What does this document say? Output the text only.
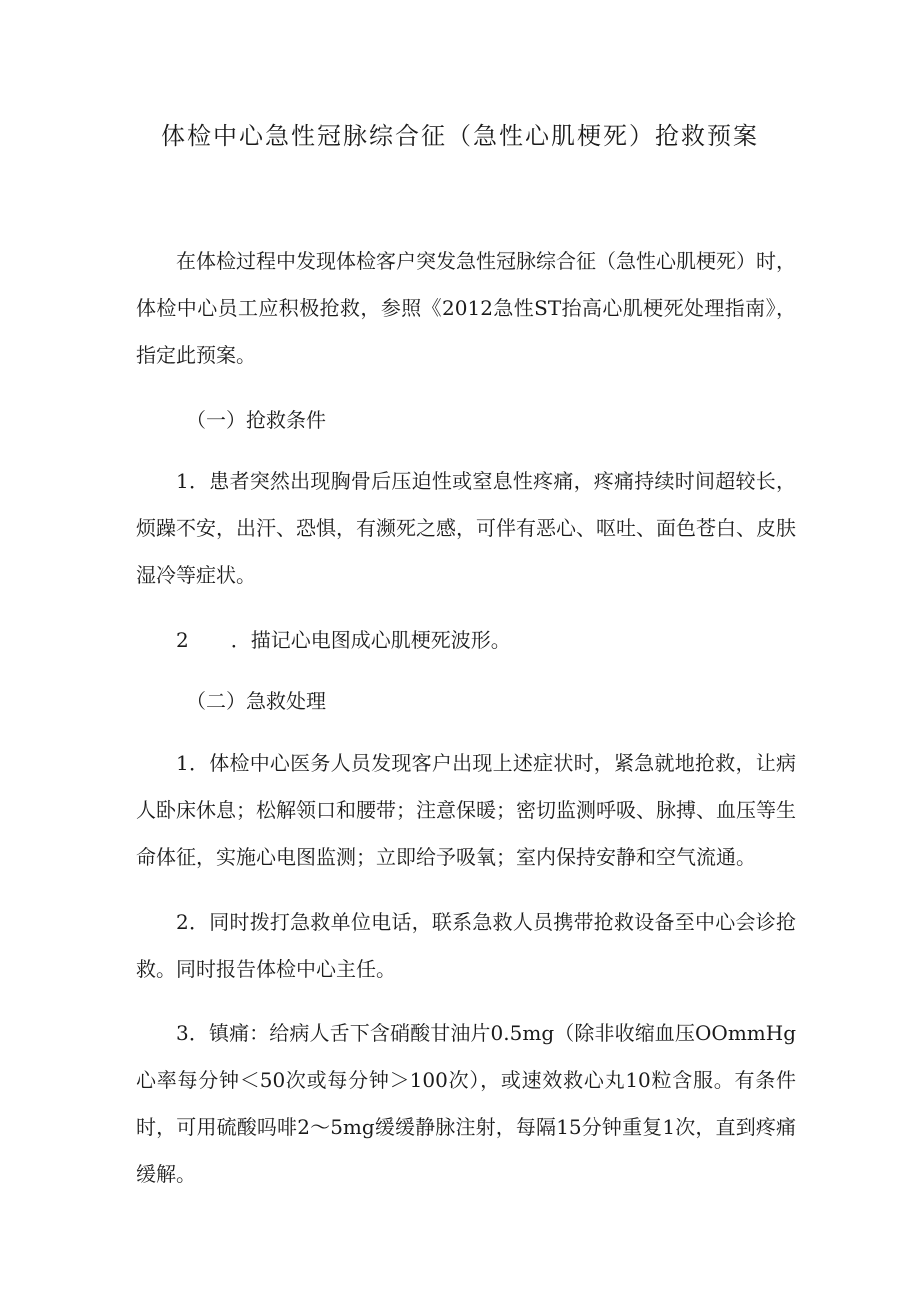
体检中心急性冠脉综合征（急性心肌梗死）抢救预案

在体检过程中发现体检客户突发急性冠脉综合征（急性心肌梗死）时，体检中心员工应积极抢救，参照《2012急性ST抬高心肌梗死处理指南》，指定此预案。

（一）抢救条件

1．患者突然出现胸骨后压迫性或窒息性疼痛，疼痛持续时间超较长，烦躁不安，出汗、恐惧，有濒死之感，可伴有恶心、呕吐、面色苍白、皮肤湿冷等症状。

2 ．描记心电图成心肌梗死波形。

（二）急救处理

1．体检中心医务人员发现客户出现上述症状时，紧急就地抢救，让病人卧床休息；松解领口和腰带；注意保暖；密切监测呼吸、脉搏、血压等生命体征，实施心电图监测；立即给予吸氧；室内保持安静和空气流通。

2．同时拨打急救单位电话，联系急救人员携带抢救设备至中心会诊抢救。同时报告体检中心主任。

3．镇痛：给病人舌下含硝酸甘油片0.5mg（除非收缩血压OOmmHg心率每分钟＜50次或每分钟＞100次），或速效救心丸10粒含服。有条件时，可用硫酸吗啡2～5mg缓缓静脉注射，每隔15分钟重复1次，直到疼痛缓解。
